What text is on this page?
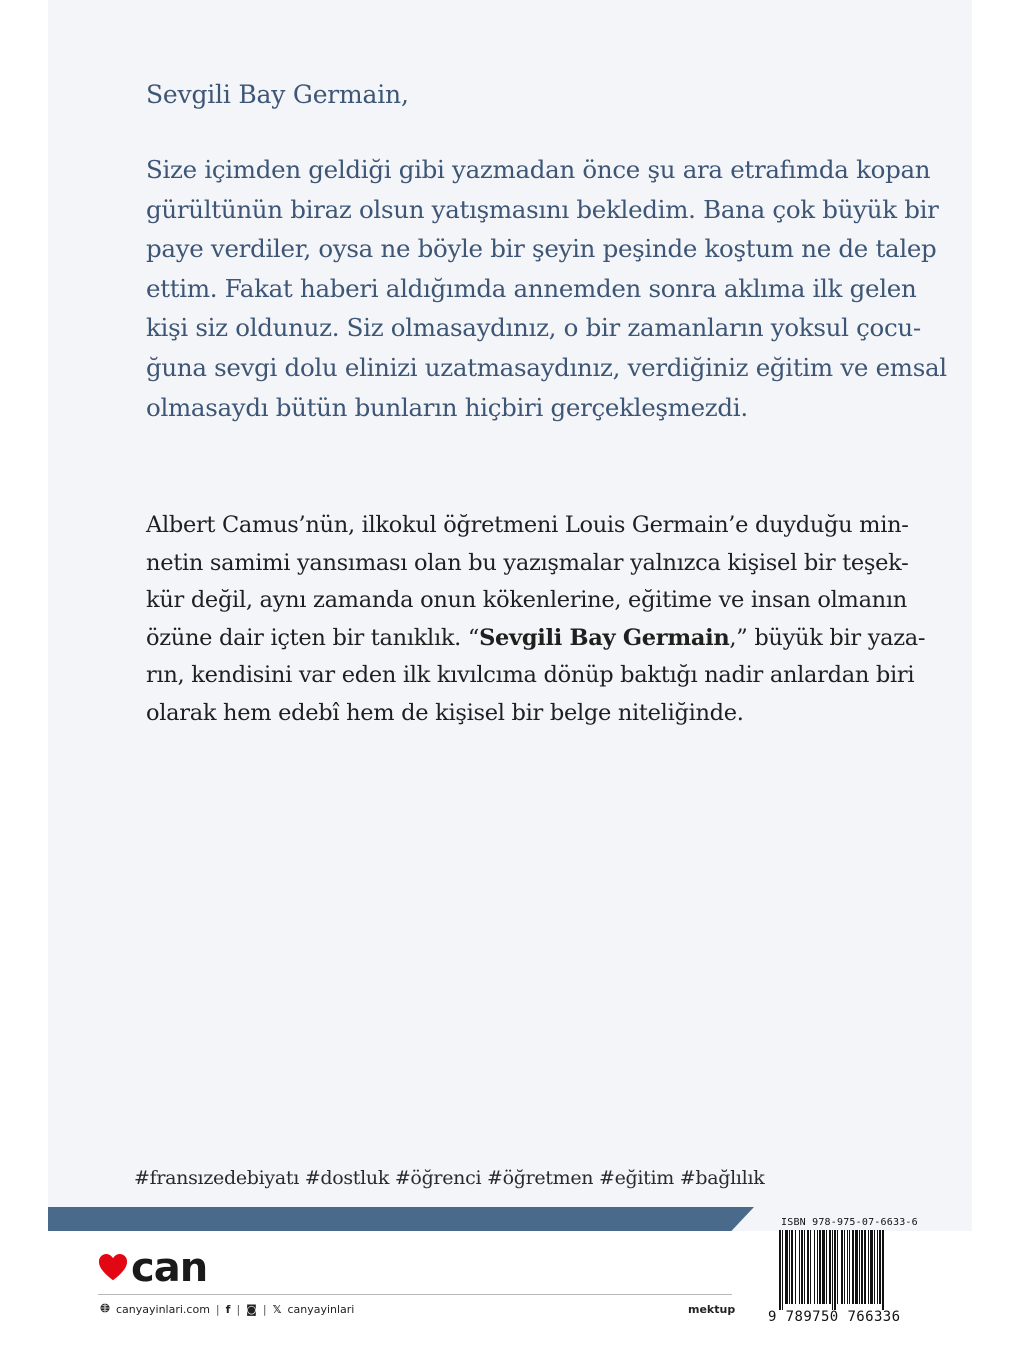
Sevgili Bay Germain,
Size içimden geldiği gibi yazmadan önce şu ara etrafımda kopan
gürültünün biraz olsun yatışmasını bekledim. Bana çok büyük bir
paye verdiler, oysa ne böyle bir şeyin peşinde koştum ne de talep
ettim. Fakat haberi aldığımda annemden sonra aklıma ilk gelen
kişi siz oldunuz. Siz olmasaydınız, o bir zamanların yoksul çocu-
ğuna sevgi dolu elinizi uzatmasaydınız, verdiğiniz eğitim ve emsal
olmasaydı bütün bunların hiçbiri gerçekleşmezdi.
Albert Camus’nün, ilkokul öğretmeni Louis Germain’e duyduğu min-
netin samimi yansıması olan bu yazışmalar yalnızca kişisel bir teşek-
kür değil, aynı zamanda onun kökenlerine, eğitime ve insan olmanın
özüne dair içten bir tanıklık. “Sevgili Bay Germain,” büyük bir yaza-
rın, kendisini var eden ilk kıvılcıma dönüp baktığı nadir anlardan biri
olarak hem edebî hem de kişisel bir belge niteliğinde.
#fransızedebiyatı #dostluk #öğrenci #öğretmen #eğitim #bağlılık
can
canyayinlari.com | f | ◙ | 𝕏 canyayinlari	mektup
ISBN 978-975-07-6633-6
9 789750 766336
